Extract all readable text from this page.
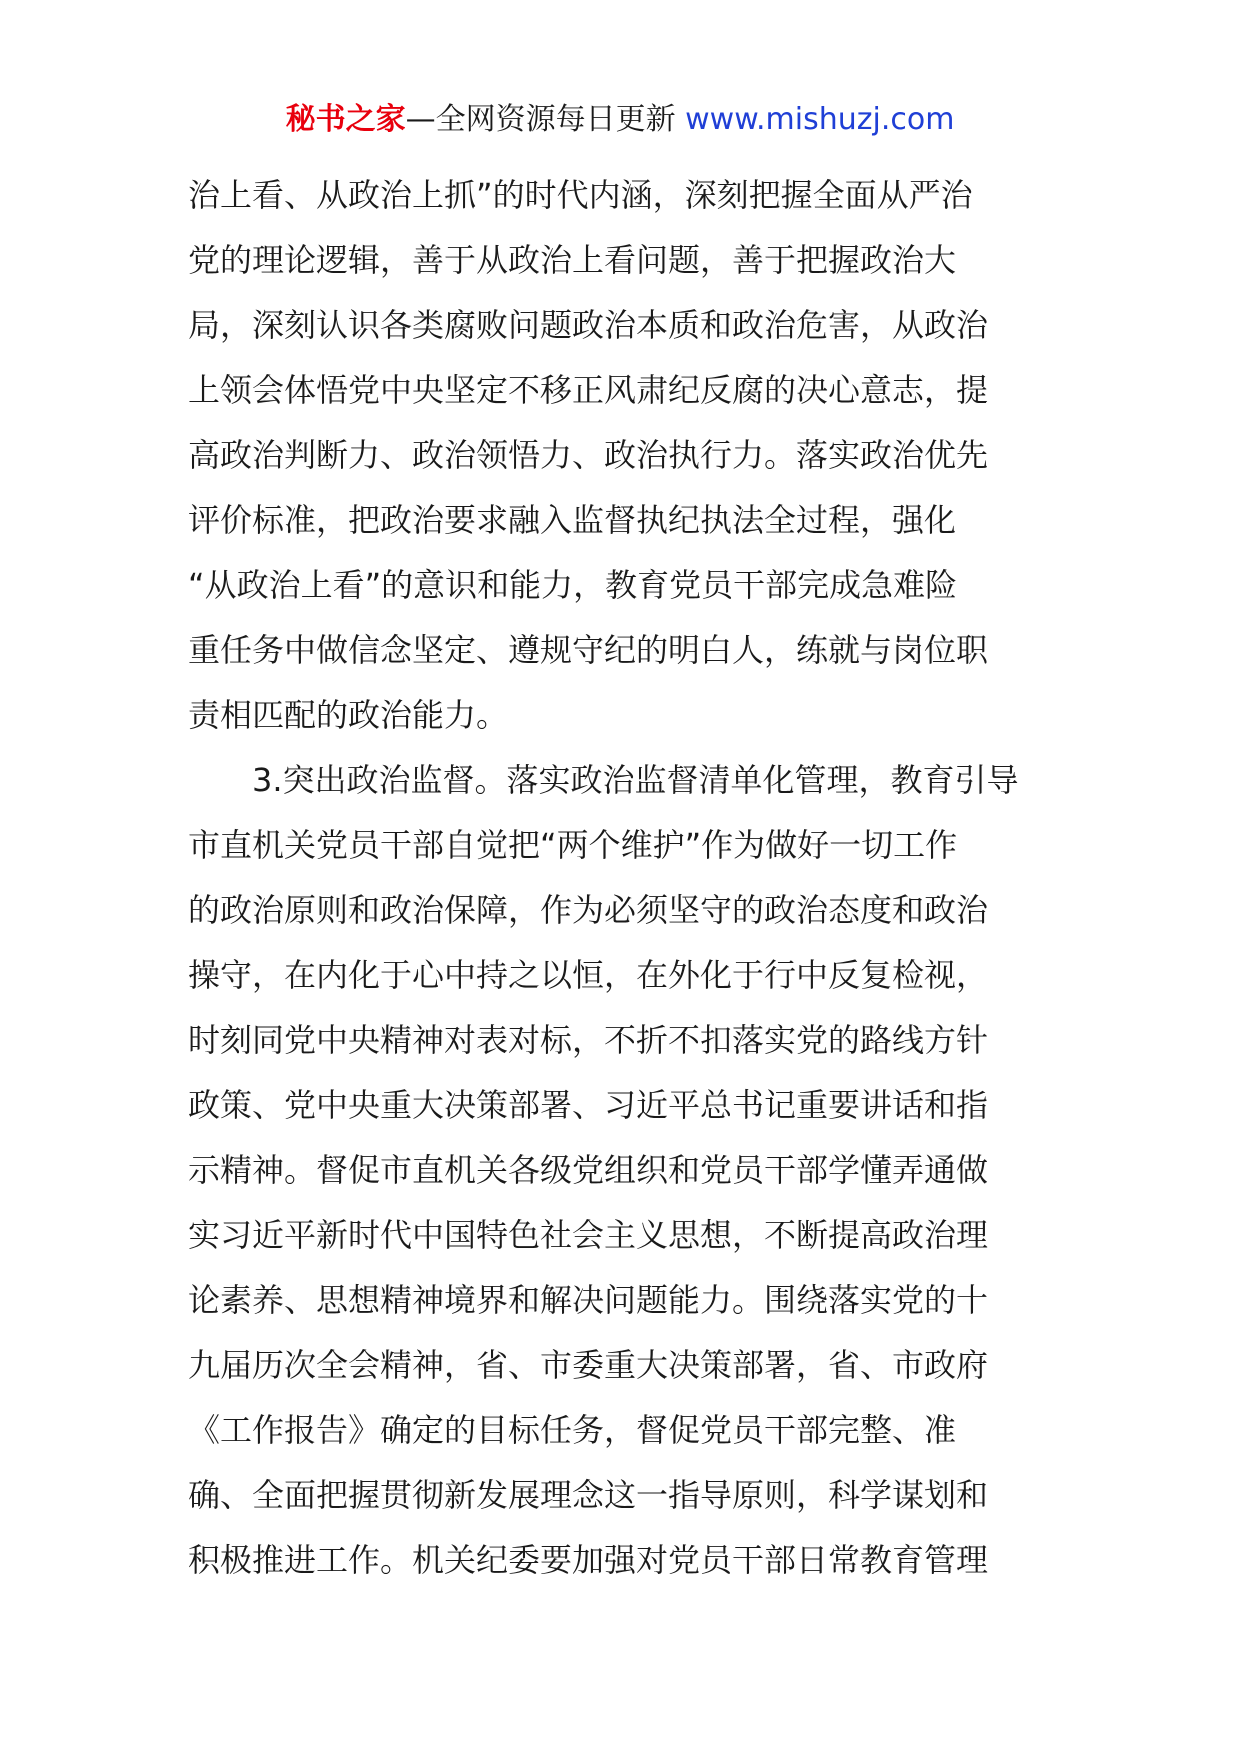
秘书之家—全网资源每日更新 www.mishuzj.com
治上看、从政治上抓”的时代内涵，深刻把握全面从严治
党的理论逻辑，善于从政治上看问题，善于把握政治大
局，深刻认识各类腐败问题政治本质和政治危害，从政治
上领会体悟党中央坚定不移正风肃纪反腐的决心意志，提
高政治判断力、政治领悟力、政治执行力。落实政治优先
评价标准，把政治要求融入监督执纪执法全过程，强化
“从政治上看”的意识和能力，教育党员干部完成急难险
重任务中做信念坚定、遵规守纪的明白人，练就与岗位职
责相匹配的政治能力。
3.突出政治监督。落实政治监督清单化管理，教育引导
市直机关党员干部自觉把“两个维护”作为做好一切工作
的政治原则和政治保障，作为必须坚守的政治态度和政治
操守，在内化于心中持之以恒，在外化于行中反复检视，
时刻同党中央精神对表对标，不折不扣落实党的路线方针
政策、党中央重大决策部署、习近平总书记重要讲话和指
示精神。督促市直机关各级党组织和党员干部学懂弄通做
实习近平新时代中国特色社会主义思想，不断提高政治理
论素养、思想精神境界和解决问题能力。围绕落实党的十
九届历次全会精神，省、市委重大决策部署，省、市政府
《工作报告》确定的目标任务，督促党员干部完整、准
确、全面把握贯彻新发展理念这一指导原则，科学谋划和
积极推进工作。机关纪委要加强对党员干部日常教育管理
